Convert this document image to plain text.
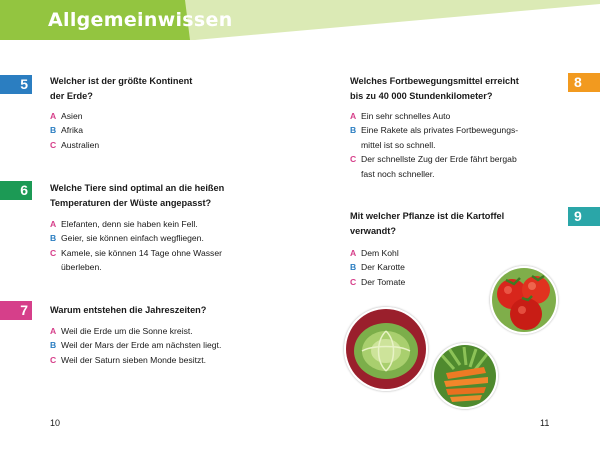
Allgemeinwissen
5	Welcher ist der größte Kontinent
der Erde?
A Asien
B Afrika
C Australien
6	Welche Tiere sind optimal an die heißen
Temperaturen der Wüste angepasst?
A Elefanten, denn sie haben kein Fell.
B Geier, sie können einfach wegfliegen.
C Kamele, sie können 14 Tage ohne Wasser
überleben.
7	Warum entstehen die Jahreszeiten?
A Weil die Erde um die Sonne kreist.
B Weil der Mars der Erde am nächsten liegt.
C Weil der Saturn sieben Monde besitzt.
8
Welches Fortbewegungsmittel erreicht
bis zu 40 000 Stundenkilometer?
A Ein sehr schnelles Auto
B Eine Rakete als privates Fortbewegungs-
mittel ist so schnell.
C Der schnellste Zug der Erde fährt bergab
fast noch schneller.
9
Mit welcher Pflanze ist die Kartoffel
verwandt?
A Dem Kohl
B Der Karotte
C Der Tomate
10	11
